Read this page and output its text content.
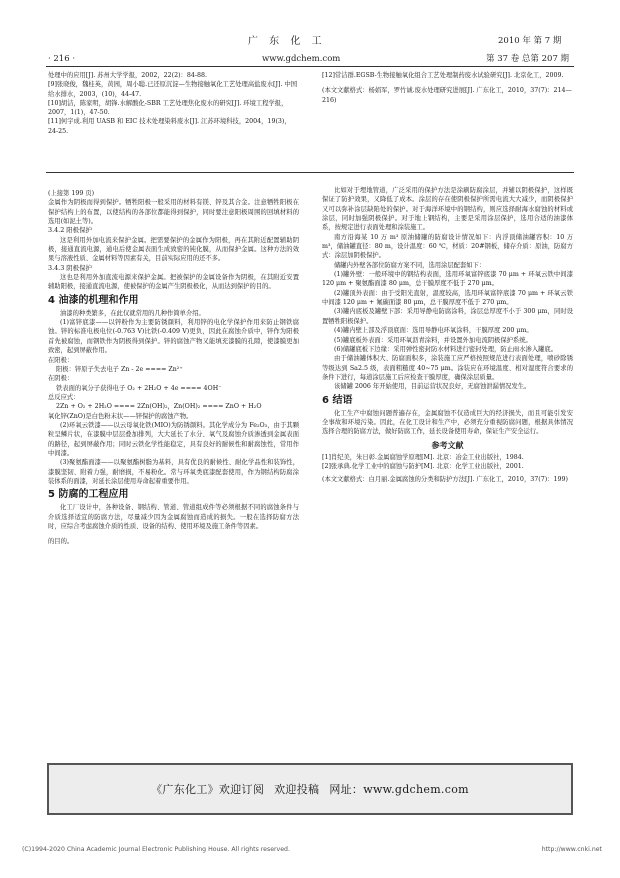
广 东 化 工	2010 年 第 7 期
· 216 ·	www.gdchem.com	第 37 卷 总第 207 期

处理中的应用[J]. 苏州大学学报，2002，22(2)：84-88.

[9]张晓俊，魏桂英，黄园，周小聪.已还原沉淀—生物接触氧化工艺处理高盐废水[J]. 中国给水排水，2003，(10)，44-47.

[10]胡洁，陈家明，胡锋.水解酸化-SBR 工艺处理焦化废水的研究[J]. 环境工程学报，2007，1(1)，47-50.

[11]何宇成.利用 UASB 和 EIC 技术处理染料废水[J]. 江苏环境科技，2004，19(3)，24-25.

[12]常洁群.EGSB-生物接触氧化组合工艺处理制药废水试验研究[J]. 北京化工，2009.

(本文文献格式：杨娟军，罗竹诚.废水处理研究进展[J]. 广东化工，2010，37(7)：214—216)

(上接第 199 页)

金属作为阴极而得到保护。牺牲阳极一般采用的材料有镁、锌及其合金。注意牺牲阳极在保护结构上的布置，以使结构的各部位都能得到保护，同时要注意阳极周围的回填材料的选用(如泥土等)。

3.4.2 阳极保护

这是利用外加电流来保护金属。把需要保护的金属作为阳极，再在其附近配置辅助阴极，接通直流电源，通电后使金属表面生成致密的钝化膜，从而保护金属。这种方法的效果与溶液性质、金属材料等因素有关，目前实际应用的还不多。

3.4.3 阴极保护

这也是利用外加直流电源来保护金属。把被保护的金属设备作为阴极，在其附近安置辅助阳极，接通直流电源，使被保护的金属产生阴极极化，从而达到保护的目的。

4 油漆的机理和作用

油漆的种类繁多，在此仅就常用的几种作简单介绍。

(1)富锌底漆——以锌粉作为主要防锈颜料，利用锌的电化学保护作用来防止钢铁腐蚀。锌的标准电极电位(-0.763 V)比铁(-0.409 V)更负，因此在腐蚀介质中，锌作为阳极首先被腐蚀，而钢铁作为阴极得到保护。锌的腐蚀产物又能填充漆膜的孔隙，使漆膜更加致密，起到屏蔽作用。

在阳极：

阳极：锌原子失去电子 Zn - 2e ==== Zn²⁺

在阴极：

铁表面的氧分子获得电子 O₂ + 2H₂O + 4e ==== 4OH⁻

总反应式：

2Zn + O₂ + 2H₂O ==== 2Zn(OH)₂，Zn(OH)₂ ==== ZnO + H₂O

氧化锌(ZnO)是白色粉末状——锌保护的腐蚀产物。

(2)环氧云铁漆——以云母氧化铁(MIO)为防锈颜料。其化学成分为 Fe₂O₃，由于其颗粒呈鳞片状，在漆膜中层层叠加排列，大大延长了水分、氧气及腐蚀介质渗透到金属表面的路径，起到屏蔽作用；同时云铁化学性能稳定，具有良好的耐候性和耐腐蚀性，常用作中间漆。

(3)聚氨酯面漆——以聚氨酯树脂为基料，具有优良的耐候性、耐化学品性和装饰性，漆膜坚韧、附着力强，耐磨损，不易粉化。常与环氧类底漆配套使用，作为钢结构防腐涂装体系的面漆，对延长涂层使用寿命起着重要作用。

5 防腐的工程应用

化工厂设计中，各种设备、钢结构、管道、管道组成件等必须根据不同的腐蚀条件与介质选择适宜的防腐方法，尽量减少因为金属腐蚀而造成的损失。一般在选择防腐方法时，应综合考虑腐蚀介质的性质、设备的结构、使用环境及施工条件等因素。

的目的。

比如对于埋地管道，广泛采用的保护方法是涂刷防腐涂层，并辅以阴极保护，这样既保证了防护效果，又降低了成本。涂层的存在使阴极保护所需电流大大减少，而阴极保护又可以弥补涂层缺陷处的保护。对于海洋环境中的钢结构，则应选择耐海水腐蚀的材料或涂层，同时加强阴极保护。对于地上钢结构，主要是采用涂层保护，选用合适的油漆体系，按规定进行表面处理和涂装施工。

南方沿海某 10 万 m³ 原油储罐的防腐设计情况如下：内浮顶储油罐容积：10 万 m³，储油罐直径：80 m，设计温度：60 ℃，材质：20#钢板，储存介质：原油，防腐方式：涂层加阴极保护。

储罐内外壁各部位防腐方案不同，选用涂层配套如下：

(1)罐外壁：一般环境中的钢结构表面，选用环氧富锌底漆 70 μm + 环氧云铁中间漆 120 μm + 聚氨酯面漆 80 μm，总干膜厚度不低于 270 μm。

(2)罐顶外表面：由于受阳光直射，温度较高，选用环氧富锌底漆 70 μm + 环氧云铁中间漆 120 μm + 氟碳面漆 80 μm，总干膜厚度不低于 270 μm。

(3)罐内底板及罐壁下部：采用导静电防腐涂料，涂层总厚度不小于 300 μm，同时设置牺牲阳极保护。

(4)罐内壁上部及浮顶底面：选用导静电环氧涂料，干膜厚度 200 μm。

(5)罐底板外表面：采用环氧沥青涂料，并设置外加电流阴极保护系统。

(6)储罐底板下边缘：采用弹性密封防水材料进行密封处理，防止雨水渗入罐底。

由于储油罐体积大、防腐面积多，涂装施工应严格按照规范进行表面处理，喷砂除锈等级达到 Sa2.5 级，表面粗糙度 40~75 μm。涂装应在环境温度、相对湿度符合要求的条件下进行，每道涂层施工后应检查干膜厚度，确保涂层质量。

该储罐 2006 年开始使用，目前运营状况良好，无腐蚀泄漏情况发生。

6 结语

化工生产中腐蚀问题普遍存在，金属腐蚀不仅造成巨大的经济损失，而且可能引发安全事故和环境污染。因此，在化工设计和生产中，必须充分重视防腐问题，根据具体情况选择合理的防腐方法，做好防腐工作，延长设备使用寿命，保证生产安全运行。

参考文献

[1]肖纪美，朱日彰.金属腐蚀学原理[M]. 北京：冶金工业出版社，1984.

[2]张承典.化学工业中的腐蚀与防护[M]. 北京：化学工业出版社，2001.

(本文文献格式：白月丽.金属腐蚀的分类和防护方法[J]. 广东化工，2010，37(7)：199)

《广东化工》欢迎订阅 欢迎投稿 网址：www.gdchem.com
(C)1994-2020 China Academic Journal Electronic Publishing House. All rights reserved.	http://www.cnki.net
